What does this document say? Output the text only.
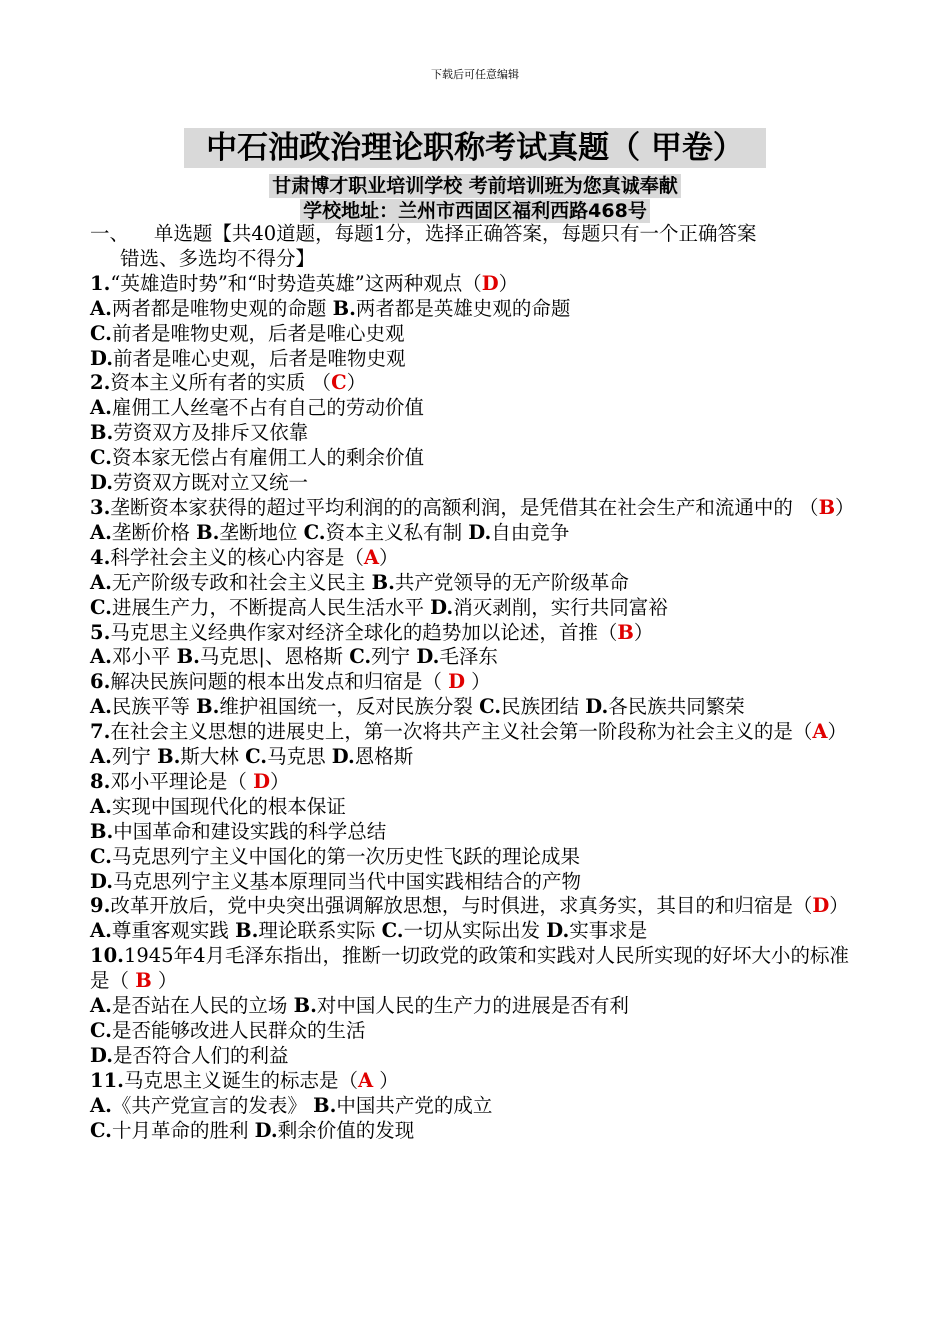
下载后可任意编辑
中石油政治理论职称考试真题（ 甲卷）
甘肃博才职业培训学校 考前培训班为您真诚奉献
学校地址：兰州市西固区福利西路468号
一、 单选题【共40道题，每题1分，选择正确答案，每题只有一个正确答案
错选、多选均不得分】
1.“英雄造时势”和“时势造英雄”这两种观点（D）
A.两者都是唯物史观的命题 B.两者都是英雄史观的命题
C.前者是唯物史观，后者是唯心史观
D.前者是唯心史观，后者是唯物史观
2.资本主义所有者的实质 （C）
A.雇佣工人丝毫不占有自己的劳动价值
B.劳资双方及排斥又依靠
C.资本家无偿占有雇佣工人的剩余价值
D.劳资双方既对立又统一
3.垄断资本家获得的超过平均利润的的高额利润，是凭借其在社会生产和流通中的 （B）
A.垄断价格 B.垄断地位 C.资本主义私有制 D.自由竞争
4.科学社会主义的核心内容是（A）
A.无产阶级专政和社会主义民主 B.共产党领导的无产阶级革命
C.进展生产力，不断提高人民生活水平 D.消灭剥削，实行共同富裕
5.马克思主义经典作家对经济全球化的趋势加以论述，首推（B）
A.邓小平 B.马克思|、恩格斯 C.列宁 D.毛泽东
6.解决民族问题的根本出发点和归宿是（ D ）
A.民族平等 B.维护祖国统一，反对民族分裂 C.民族团结 D.各民族共同繁荣
7.在社会主义思想的进展史上，第一次将共产主义社会第一阶段称为社会主义的是（A）
A.列宁 B.斯大林 C.马克思 D.恩格斯
8.邓小平理论是（ D）
A.实现中国现代化的根本保证
B.中国革命和建设实践的科学总结
C.马克思列宁主义中国化的第一次历史性飞跃的理论成果
D.马克思列宁主义基本原理同当代中国实践相结合的产物
9.改革开放后，党中央突出强调解放思想，与时俱进，求真务实，其目的和归宿是（D）
A.尊重客观实践 B.理论联系实际 C.一切从实际出发 D.实事求是
10.1945年4月毛泽东指出，推断一切政党的政策和实践对人民所实现的好坏大小的标准是（ B ）
A.是否站在人民的立场 B.对中国人民的生产力的进展是否有利
C.是否能够改进人民群众的生活
D.是否符合人们的利益
11.马克思主义诞生的标志是（A ）
A.《共产党宣言的发表》 B.中国共产党的成立
C.十月革命的胜利 D.剩余价值的发现
